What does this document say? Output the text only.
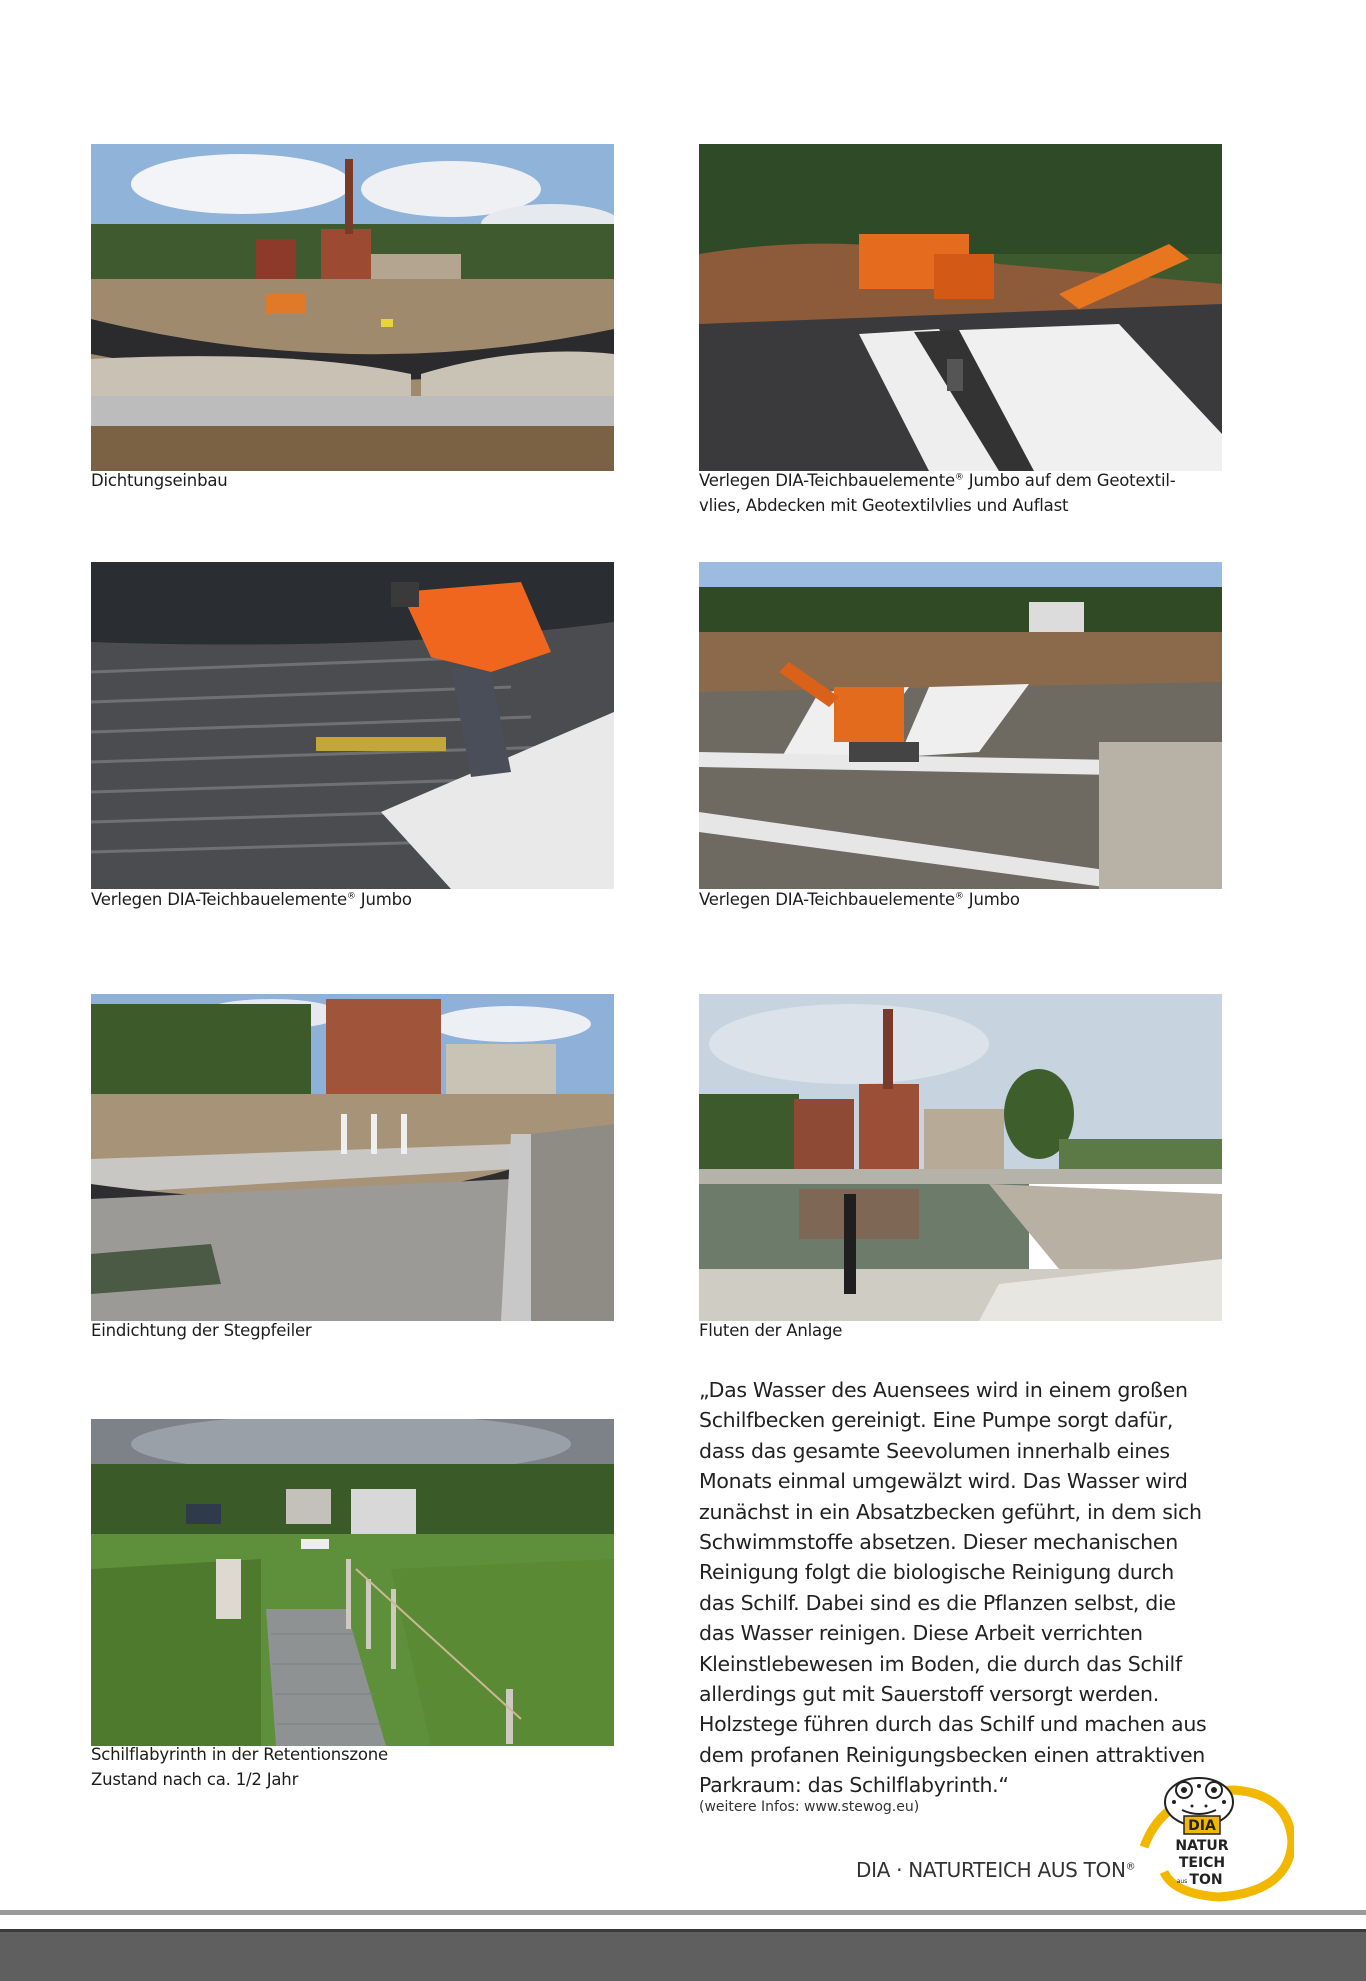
Dichtungseinbau	Verlegen DIA-Teichbauelemente® Jumbo auf dem Geotextil-
vlies, Abdecken mit Geotextilvlies und Auflast
Verlegen DIA-Teichbauelemente® Jumbo	Verlegen DIA-Teichbauelemente® Jumbo
Eindichtung der Stegpfeiler	Fluten der Anlage
Schilflabyrinth in der Retentionszone
Zustand nach ca. 1/2 Jahr
„Das Wasser des Auensees wird in einem großen
Schilfbecken gereinigt. Eine Pumpe sorgt dafür,
dass das gesamte Seevolumen innerhalb eines
Monats einmal umgewälzt wird. Das Wasser wird
zunächst in ein Absatzbecken geführt, in dem sich
Schwimmstoffe absetzen. Dieser mechanischen
Reinigung folgt die biologische Reinigung durch
das Schilf. Dabei sind es die Pflanzen selbst, die
das Wasser reinigen. Diese Arbeit verrichten
Kleinstlebewesen im Boden, die durch das Schilf
allerdings gut mit Sauerstoff versorgt werden.
Holzstege führen durch das Schilf und machen aus
dem profanen Reinigungsbecken einen attraktiven
Parkraum: das Schilflabyrinth.“
(weitere Infos: www.stewog.eu)
DIA · NATURTEICH AUS TON®
DIA
NATUR
TEICH
aus TON
